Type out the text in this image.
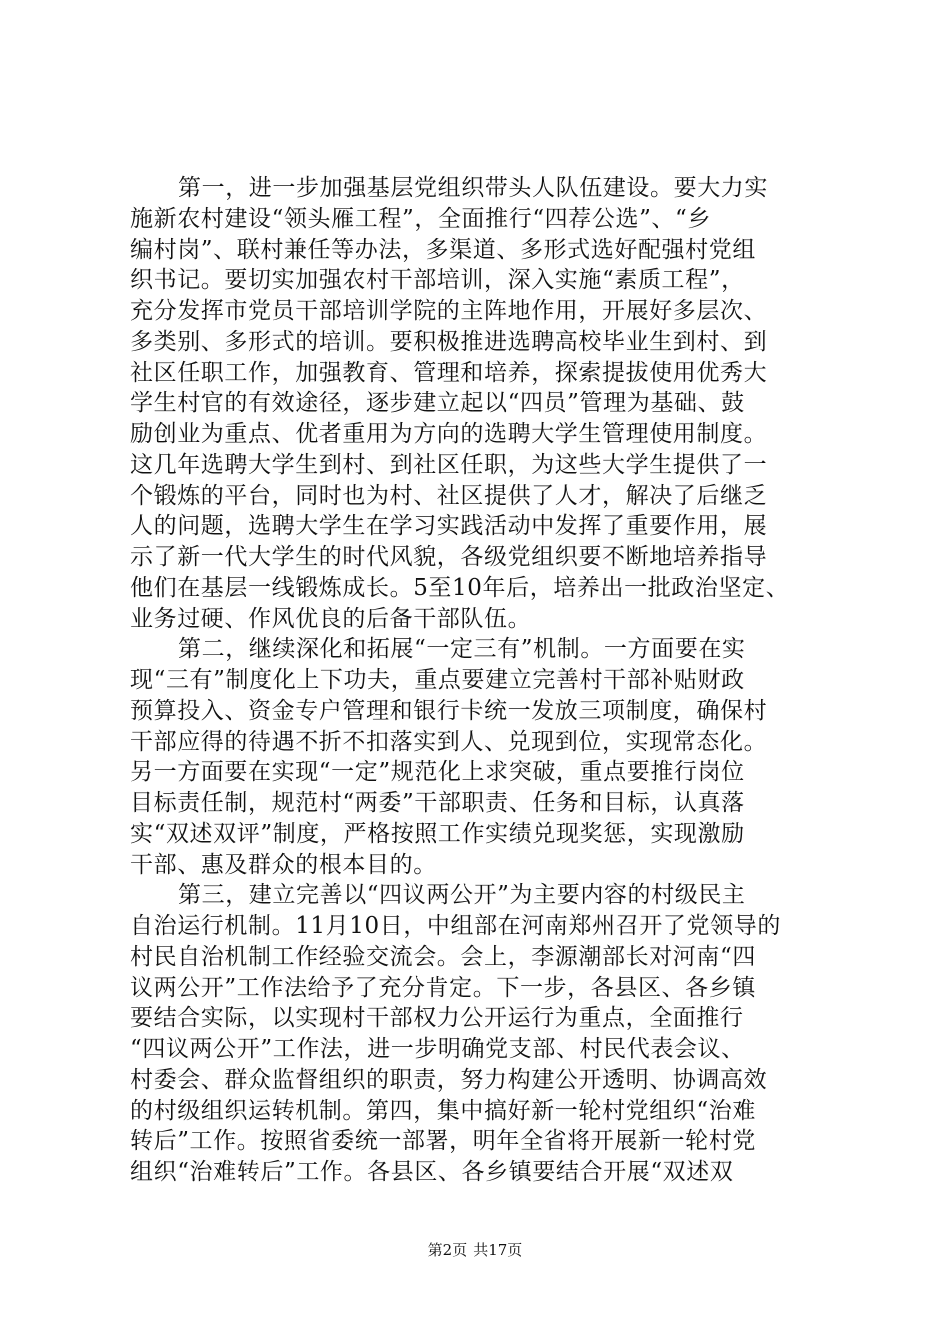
第一，进一步加强基层党组织带头人队伍建设。要大力实
施新农村建设“领头雁工程”，全面推行“四荐公选”、“乡
编村岗”、联村兼任等办法，多渠道、多形式选好配强村党组
织书记。要切实加强农村干部培训，深入实施“素质工程”，
充分发挥市党员干部培训学院的主阵地作用，开展好多层次、
多类别、多形式的培训。要积极推进选聘高校毕业生到村、到
社区任职工作，加强教育、管理和培养，探索提拔使用优秀大
学生村官的有效途径，逐步建立起以“四员”管理为基础、鼓
励创业为重点、优者重用为方向的选聘大学生管理使用制度。
这几年选聘大学生到村、到社区任职，为这些大学生提供了一
个锻炼的平台，同时也为村、社区提供了人才，解决了后继乏
人的问题，选聘大学生在学习实践活动中发挥了重要作用，展
示了新一代大学生的时代风貌，各级党组织要不断地培养指导
他们在基层一线锻炼成长。5至10年后，培养出一批政治坚定、
业务过硬、作风优良的后备干部队伍。
第二，继续深化和拓展“一定三有”机制。一方面要在实
现“三有”制度化上下功夫，重点要建立完善村干部补贴财政
预算投入、资金专户管理和银行卡统一发放三项制度，确保村
干部应得的待遇不折不扣落实到人、兑现到位，实现常态化。
另一方面要在实现“一定”规范化上求突破，重点要推行岗位
目标责任制，规范村“两委”干部职责、任务和目标，认真落
实“双述双评”制度，严格按照工作实绩兑现奖惩，实现激励
干部、惠及群众的根本目的。
第三，建立完善以“四议两公开”为主要内容的村级民主
自治运行机制。11月10日，中组部在河南郑州召开了党领导的
村民自治机制工作经验交流会。会上，李源潮部长对河南“四
议两公开”工作法给予了充分肯定。下一步，各县区、各乡镇
要结合实际，以实现村干部权力公开运行为重点，全面推行
“四议两公开”工作法，进一步明确党支部、村民代表会议、
村委会、群众监督组织的职责，努力构建公开透明、协调高效
的村级组织运转机制。第四，集中搞好新一轮村党组织“治难
转后”工作。按照省委统一部署，明年全省将开展新一轮村党
组织“治难转后”工作。各县区、各乡镇要结合开展“双述双
第2页 共17页
